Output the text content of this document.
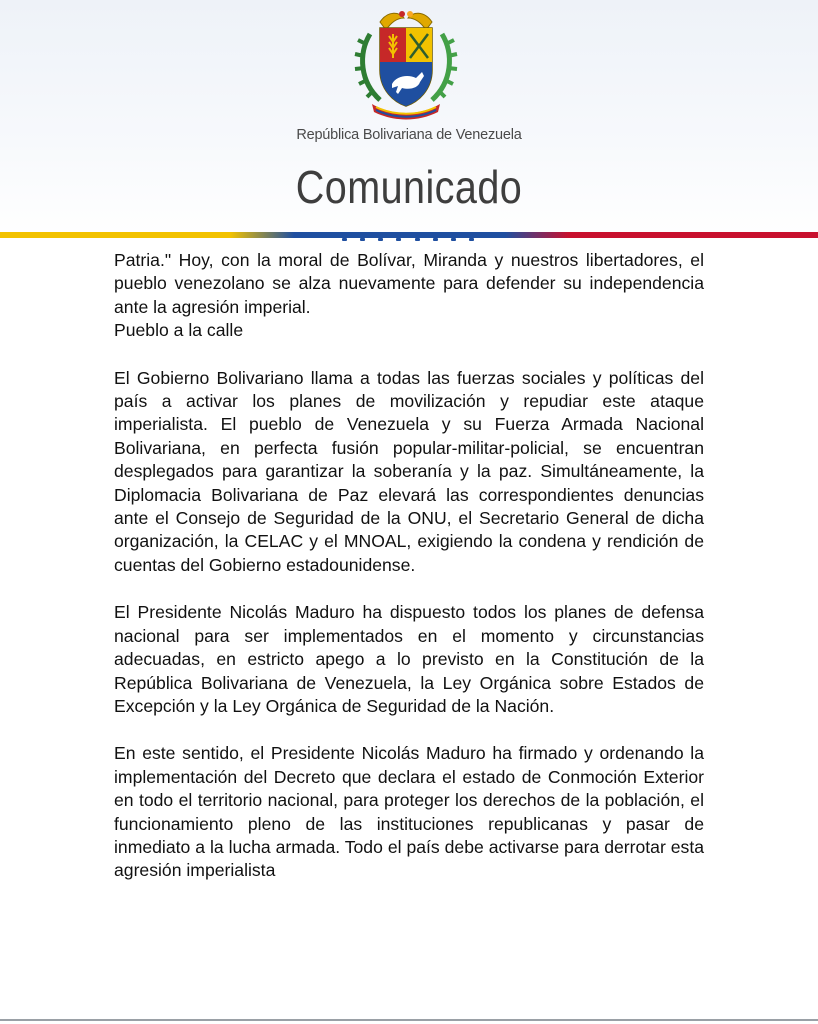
República Bolivariana de Venezuela
Comunicado

Patria." Hoy, con la moral de Bolívar, Miranda y nuestros libertadores, el pueblo venezolano se alza nuevamente para defender su independencia ante la agresión imperial.
Pueblo a la calle

El Gobierno Bolivariano llama a todas las fuerzas sociales y políticas del país a activar los planes de movilización y repudiar este ataque imperialista. El pueblo de Venezuela y su Fuerza Armada Nacional Bolivariana, en perfecta fusión popular-militar-policial, se encuentran desplegados para garantizar la soberanía y la paz. Simultáneamente, la Diplomacia Bolivariana de Paz elevará las correspondientes denuncias ante el Consejo de Seguridad de la ONU, el Secretario General de dicha organización, la CELAC y el MNOAL, exigiendo la condena y rendición de cuentas del Gobierno estadounidense.

El Presidente Nicolás Maduro ha dispuesto todos los planes de defensa nacional para ser implementados en el momento y circunstancias adecuadas, en estricto apego a lo previsto en la Constitución de la República Bolivariana de Venezuela, la Ley Orgánica sobre Estados de Excepción y la Ley Orgánica de Seguridad de la Nación.

En este sentido, el Presidente Nicolás Maduro ha firmado y ordenando la implementación del Decreto que declara el estado de Conmoción Exterior en todo el territorio nacional, para proteger los derechos de la población, el funcionamiento pleno de las instituciones republicanas y pasar de inmediato a la lucha armada. Todo el país debe activarse para derrotar esta agresión imperialista
